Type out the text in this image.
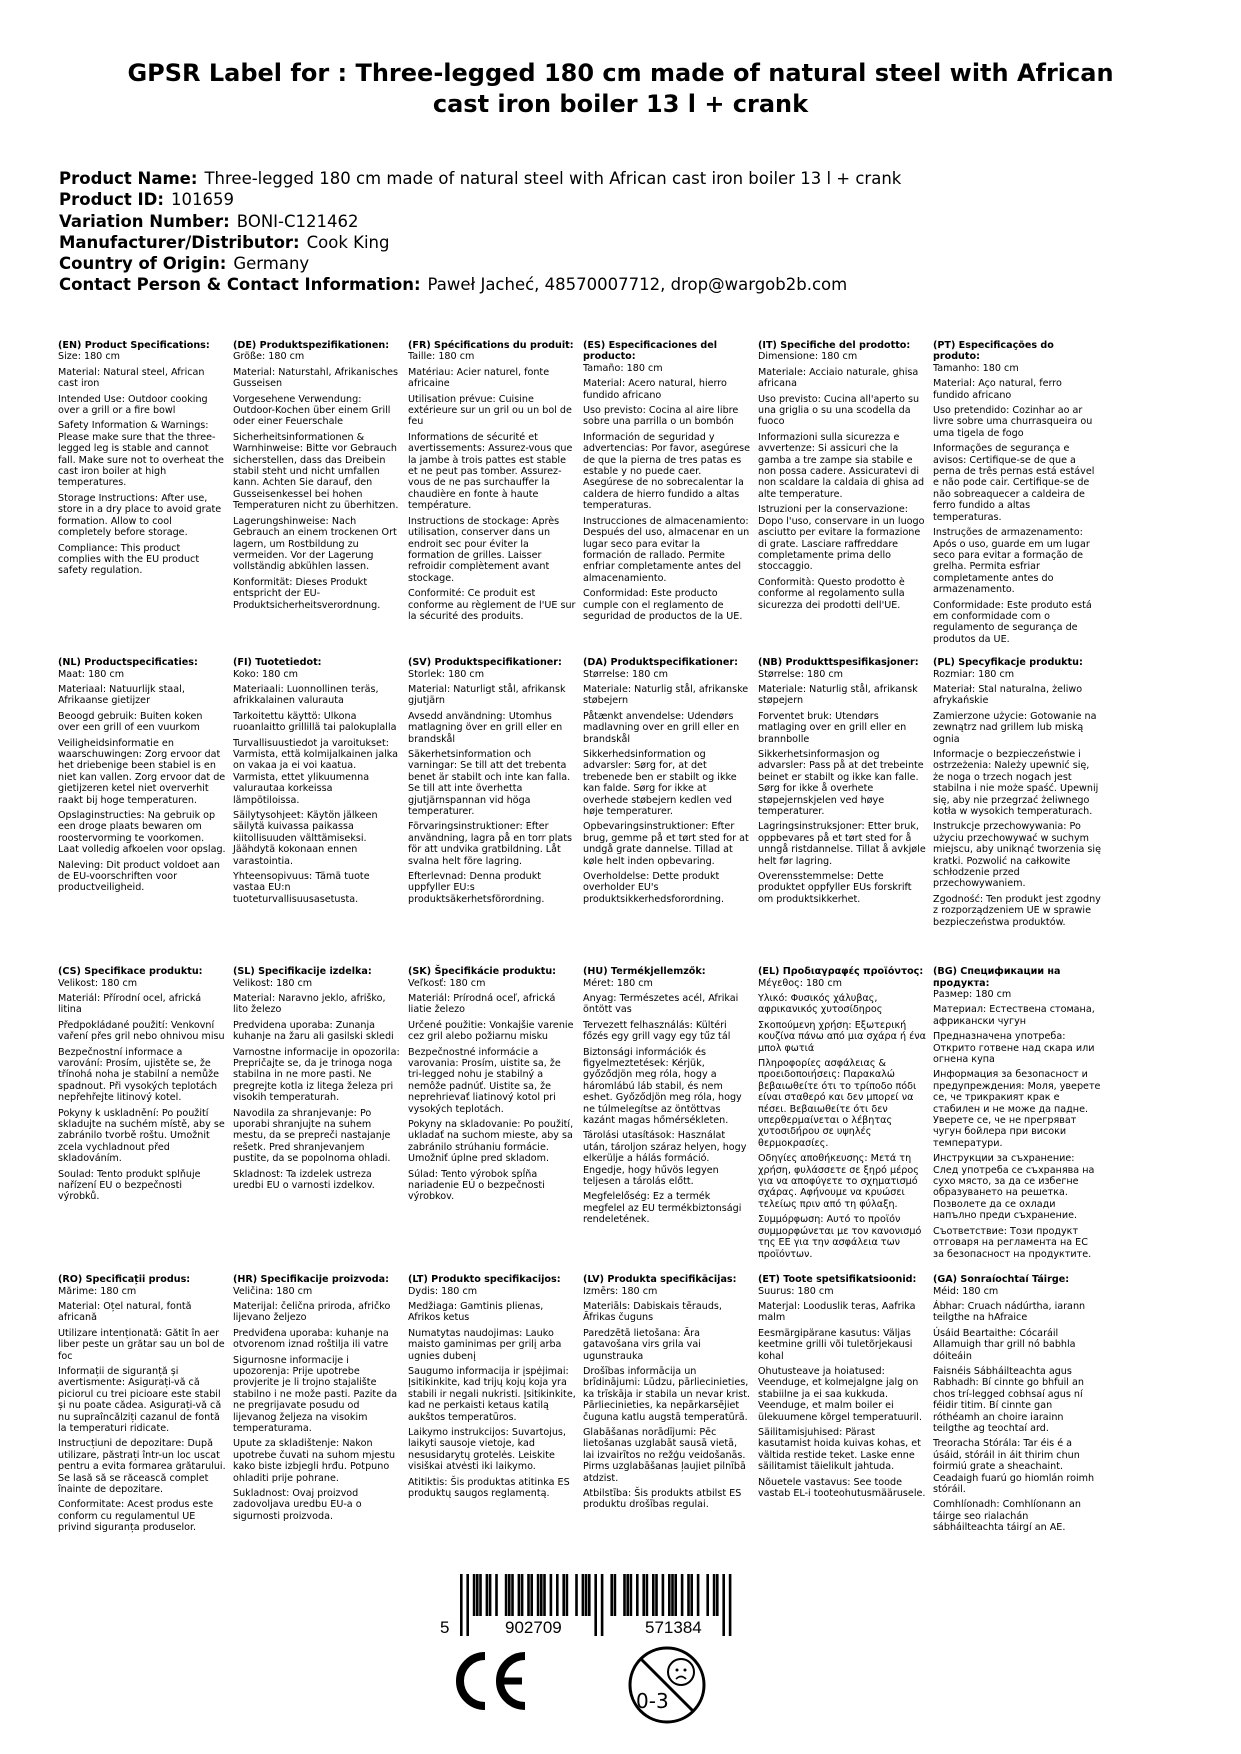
GPSR Label for : Three-legged 180 cm made of natural steel with African cast iron boiler 13 l + crank
Product Name: Three-legged 180 cm made of natural steel with African cast iron boiler 13 l + crank
Product ID: 101659
Variation Number: BONI-C121462
Manufacturer/Distributor: Cook King
Country of Origin: Germany
Contact Person & Contact Information: Paweł Jacheć, 48570007712, drop@wargob2b.com
(EN) Product Specifications:

Size: 180 cm

Material: Natural steel, African cast iron

Intended Use: Outdoor cooking over a grill or a fire bowl

Safety Information & Warnings: Please make sure that the three-legged leg is stable and cannot fall. Make sure not to overheat the cast iron boiler at high temperatures.

Storage Instructions: After use, store in a dry place to avoid grate formation. Allow to cool completely before storage.

Compliance: This product complies with the EU product safety regulation.

(DE) Produktspezifikationen:

Größe: 180 cm

Material: Naturstahl, Afrikanisches Gusseisen

Vorgesehene Verwendung: Outdoor-Kochen über einem Grill oder einer Feuerschale

Sicherheitsinformationen & Warnhinweise: Bitte vor Gebrauch sicherstellen, dass das Dreibein stabil steht und nicht umfallen kann. Achten Sie darauf, den Gusseisenkessel bei hohen Temperaturen nicht zu überhitzen.

Lagerungshinweise: Nach Gebrauch an einem trockenen Ort lagern, um Rostbildung zu vermeiden. Vor der Lagerung vollständig abkühlen lassen.

Konformität: Dieses Produkt entspricht der EU-Produktsicherheitsverordnung.

(FR) Spécifications du produit:

Taille: 180 cm

Matériau: Acier naturel, fonte africaine

Utilisation prévue: Cuisine extérieure sur un gril ou un bol de feu

Informations de sécurité et avertissements: Assurez-vous que la jambe à trois pattes est stable et ne peut pas tomber. Assurez-vous de ne pas surchauffer la chaudière en fonte à haute température.

Instructions de stockage: Après utilisation, conserver dans un endroit sec pour éviter la formation de grilles. Laisser refroidir complètement avant stockage.

Conformité: Ce produit est conforme au règlement de l'UE sur la sécurité des produits.

(ES) Especificaciones del producto:

Tamaño: 180 cm

Material: Acero natural, hierro fundido africano

Uso previsto: Cocina al aire libre sobre una parrilla o un bombón

Información de seguridad y advertencias: Por favor, asegúrese de que la pierna de tres patas es estable y no puede caer. Asegúrese de no sobrecalentar la caldera de hierro fundido a altas temperaturas.

Instrucciones de almacenamiento: Después del uso, almacenar en un lugar seco para evitar la formación de rallado. Permite enfriar completamente antes del almacenamiento.

Conformidad: Este producto cumple con el reglamento de seguridad de productos de la UE.

(IT) Specifiche del prodotto:

Dimensione: 180 cm

Materiale: Acciaio naturale, ghisa africana

Uso previsto: Cucina all'aperto su una griglia o su una scodella da fuoco

Informazioni sulla sicurezza e avvertenze: Si assicuri che la gamba a tre zampe sia stabile e non possa cadere. Assicuratevi di non scaldare la caldaia di ghisa ad alte temperature.

Istruzioni per la conservazione: Dopo l'uso, conservare in un luogo asciutto per evitare la formazione di grate. Lasciare raffreddare completamente prima dello stoccaggio.

Conformità: Questo prodotto è conforme al regolamento sulla sicurezza dei prodotti dell'UE.

(PT) Especificações do produto:

Tamanho: 180 cm

Material: Aço natural, ferro fundido africano

Uso pretendido: Cozinhar ao ar livre sobre uma churrasqueira ou uma tigela de fogo

Informações de segurança e avisos: Certifique-se de que a perna de três pernas está estável e não pode cair. Certifique-se de não sobreaquecer a caldeira de ferro fundido a altas temperaturas.

Instruções de armazenamento: Após o uso, guarde em um lugar seco para evitar a formação de grelha. Permita esfriar completamente antes do armazenamento.

Conformidade: Este produto está em conformidade com o regulamento de segurança de produtos da UE.

(NL) Productspecificaties:

Maat: 180 cm

Materiaal: Natuurlijk staal, Afrikaanse gietijzer

Beoogd gebruik: Buiten koken over een grill of een vuurkom

Veiligheidsinformatie en waarschuwingen: Zorg ervoor dat het driebenige been stabiel is en niet kan vallen. Zorg ervoor dat de gietijzeren ketel niet oververhit raakt bij hoge temperaturen.

Opslaginstructies: Na gebruik op een droge plaats bewaren om roostervorming te voorkomen. Laat volledig afkoelen voor opslag.

Naleving: Dit product voldoet aan de EU-voorschriften voor productveiligheid.

(FI) Tuotetiedot:

Koko: 180 cm

Materiaali: Luonnollinen teräs, afrikkalainen valurauta

Tarkoitettu käyttö: Ulkona ruoanlaitto grillillä tai palokuplalla

Turvallisuustiedot ja varoitukset: Varmista, että kolmijalkainen jalka on vakaa ja ei voi kaatua. Varmista, ettet ylikuumenna valurautaa korkeissa lämpötiloissa.

Säilytysohjeet: Käytön jälkeen säilytä kuivassa paikassa kiitollisuuden välttämiseksi. Jäähdytä kokonaan ennen varastointia.

Yhteensopivuus: Tämä tuote vastaa EU:n tuoteturvallisuusasetusta.

(SV) Produktspecifikationer:

Storlek: 180 cm

Material: Naturligt stål, afrikansk gjutjärn

Avsedd användning: Utomhus matlagning över en grill eller en brandskål

Säkerhetsinformation och varningar: Se till att det trebenta benet är stabilt och inte kan falla. Se till att inte överhetta gjutjärnspannan vid höga temperaturer.

Förvaringsinstruktioner: Efter användning, lagra på en torr plats för att undvika gratbildning. Låt svalna helt före lagring.

Efterlevnad: Denna produkt uppfyller EU:s produktsäkerhetsförordning.

(DA) Produktspecifikationer:

Størrelse: 180 cm

Materiale: Naturlig stål, afrikanske støbejern

Påtænkt anvendelse: Udendørs madlavning over en grill eller en brandskål

Sikkerhedsinformation og advarsler: Sørg for, at det trebenede ben er stabilt og ikke kan falde. Sørg for ikke at overhede støbejern kedlen ved høje temperaturer.

Opbevaringsinstruktioner: Efter brug, gemme på et tørt sted for at undgå grate dannelse. Tillad at køle helt inden opbevaring.

Overholdelse: Dette produkt overholder EU's produktsikkerhedsforordning.

(NB) Produkttspesifikasjoner:

Størrelse: 180 cm

Materiale: Naturlig stål, afrikansk støpejern

Forventet bruk: Utendørs matlaging over en grill eller en brannbolle

Sikkerhetsinformasjon og advarsler: Pass på at det trebeinte beinet er stabilt og ikke kan falle. Sørg for ikke å overhete støpejernskjelen ved høye temperaturer.

Lagringsinstruksjoner: Etter bruk, oppbevares på et tørt sted for å unngå ristdannelse. Tillat å avkjøle helt før lagring.

Overensstemmelse: Dette produktet oppfyller EUs forskrift om produktsikkerhet.

(PL) Specyfikacje produktu:

Rozmiar: 180 cm

Materiał: Stal naturalna, żeliwo afrykańskie

Zamierzone użycie: Gotowanie na zewnątrz nad grillem lub miską ognia

Informacje o bezpieczeństwie i ostrzeżenia: Należy upewnić się, że noga o trzech nogach jest stabilna i nie może spaść. Upewnij się, aby nie przegrzać żeliwnego kotła w wysokich temperaturach.

Instrukcje przechowywania: Po użyciu przechowywać w suchym miejscu, aby uniknąć tworzenia się kratki. Pozwolić na całkowite schłodzenie przed przechowywaniem.

Zgodność: Ten produkt jest zgodny z rozporządzeniem UE w sprawie bezpieczeństwa produktów.

(CS) Specifikace produktu:

Velikost: 180 cm

Materiál: Přírodní ocel, africká litina

Předpokládané použití: Venkovní vaření přes gril nebo ohnivou misu

Bezpečnostní informace a varování: Prosím, ujistěte se, že třínohá noha je stabilní a nemůže spadnout. Při vysokých teplotách nepřehřejte litinový kotel.

Pokyny k uskladnění: Po použití skladujte na suchém místě, aby se zabránilo tvorbě roštu. Umožnit zcela vychladnout před skladováním.

Soulad: Tento produkt splňuje nařízení EU o bezpečnosti výrobků.

(SL) Specifikacije izdelka:

Velikost: 180 cm

Material: Naravno jeklo, afriško, lito železo

Predvidena uporaba: Zunanja kuhanje na žaru ali gasilski skledi

Varnostne informacije in opozorila: Prepričajte se, da je trinoga noga stabilna in ne more pasti. Ne pregrejte kotla iz litega železa pri visokih temperaturah.

Navodila za shranjevanje: Po uporabi shranjujte na suhem mestu, da se prepreči nastajanje rešetk. Pred shranjevanjem pustite, da se popolnoma ohladi.

Skladnost: Ta izdelek ustreza uredbi EU o varnosti izdelkov.

(SK) Špecifikácie produktu:

Veľkosť: 180 cm

Materiál: Prírodná oceľ, africká liatie železo

Určené použitie: Vonkajšie varenie cez gril alebo požiarnu misku

Bezpečnostné informácie a varovania: Prosím, uistite sa, že tri-legged nohu je stabilný a nemôže padnúť. Uistite sa, že neprehrievať liatinový kotol pri vysokých teplotách.

Pokyny na skladovanie: Po použití, ukladať na suchom mieste, aby sa zabránilo strúhaniu formácie. Umožniť úplne pred skladom.

Súlad: Tento výrobok spĺňa nariadenie EÚ o bezpečnosti výrobkov.

(HU) Termékjellemzők:

Méret: 180 cm

Anyag: Természetes acél, Afrikai öntött vas

Tervezett felhasználás: Kültéri főzés egy grill vagy egy tűz tál

Biztonsági információk és figyelmeztetések: Kérjük, győződjön meg róla, hogy a háromlábú láb stabil, és nem eshet. Győződjön meg róla, hogy ne túlmelegítse az öntöttvas kazánt magas hőmérsékleten.

Tárolási utasítások: Használat után, tároljon száraz helyen, hogy elkerülje a hálás formáció. Engedje, hogy hűvös legyen teljesen a tárolás előtt.

Megfelelőség: Ez a termék megfelel az EU termékbiztonsági rendeletének.

(EL) Προδιαγραφές προϊόντος:

Μέγεθος: 180 cm

Υλικό: Φυσικός χάλυβας, αφρικανικός χυτοσίδηρος

Σκοπούμενη χρήση: Εξωτερική κουζίνα πάνω από μια σχάρα ή ένα μπολ φωτιά

Πληροφορίες ασφάλειας & προειδοποιήσεις: Παρακαλώ βεβαιωθείτε ότι το τρίποδο πόδι είναι σταθερό και δεν μπορεί να πέσει. Βεβαιωθείτε ότι δεν υπερθερμαίνεται ο λέβητας χυτοσιδήρου σε υψηλές θερμοκρασίες.

Οδηγίες αποθήκευσης: Μετά τη χρήση, φυλάσσετε σε ξηρό μέρος για να αποφύγετε το σχηματισμό σχάρας. Αφήνουμε να κρυώσει τελείως πριν από τη φύλαξη.

Συμμόρφωση: Αυτό το προϊόν συμμορφώνεται με τον κανονισμό της ΕΕ για την ασφάλεια των προϊόντων.

(BG) Спецификации на продукта:

Размер: 180 cm

Материал: Естествена стомана, африкански чугун

Предназначена употреба: Открито готвене над скара или огнена купа

Информация за безопасност и предупреждения: Моля, уверете се, че трикракият крак е стабилен и не може да падне. Уверете се, че не прегряват чугун бойлера при високи температури.

Инструкции за съхранение: След употреба се съхранява на сухо място, за да се избегне образуването на решетка. Позволете да се охлади напълно преди съхранение.

Съответствие: Този продукт отговаря на регламента на ЕС за безопасност на продуктите.

(RO) Specificații produs:

Mărime: 180 cm

Material: Oțel natural, fontă africană

Utilizare intenționată: Gătit în aer liber peste un grătar sau un bol de foc

Informații de siguranță și avertismente: Asigurați-vă că piciorul cu trei picioare este stabil și nu poate cădea. Asigurați-vă că nu supraîncălziți cazanul de fontă la temperaturi ridicate.

Instrucțiuni de depozitare: După utilizare, păstrați într-un loc uscat pentru a evita formarea grătarului. Se lasă să se răcească complet înainte de depozitare.

Conformitate: Acest produs este conform cu regulamentul UE privind siguranța produselor.

(HR) Specifikacije proizvoda:

Veličina: 180 cm

Materijal: čelična priroda, afričko lijevano željezo

Predviđena uporaba: kuhanje na otvorenom iznad roštilja ili vatre

Sigurnosne informacije i upozorenja: Prije upotrebe provjerite je li trojno stajalište stabilno i ne može pasti. Pazite da ne pregrijavate posudu od lijevanog željeza na visokim temperaturama.

Upute za skladištenje: Nakon upotrebe čuvati na suhom mjestu kako biste izbjegli hrđu. Potpuno ohladiti prije pohrane.

Sukladnost: Ovaj proizvod zadovoljava uredbu EU-a o sigurnosti proizvoda.

(LT) Produkto specifikacijos:

Dydis: 180 cm

Medžiaga: Gamtinis plienas, Afrikos ketus

Numatytas naudojimas: Lauko maisto gaminimas per grilį arba ugnies dubenį

Saugumo informacija ir įspėjimai: Įsitikinkite, kad trijų kojų koja yra stabili ir negali nukristi. Įsitikinkite, kad ne perkaisti ketaus katilą aukštos temperatūros.

Laikymo instrukcijos: Suvartojus, laikyti sausoje vietoje, kad nesusidarytų grotelės. Leiskite visiškai atvėsti iki laikymo.

Atitiktis: Šis produktas atitinka ES produktų saugos reglamentą.

(LV) Produkta specifikācijas:

Izmērs: 180 cm

Materiāls: Dabiskais tērauds, Āfrikas čuguns

Paredzētā lietošana: Āra gatavošana virs grila vai ugunstrauka

Drošības informācija un brīdinājumi: Lūdzu, pārliecinieties, ka trīskāja ir stabila un nevar krist. Pārliecinieties, ka nepārkarsējiet čuguna katlu augstā temperatūrā.

Glabāšanas norādījumi: Pēc lietošanas uzglabāt sausā vietā, lai izvairītos no režģu veidošanās. Pirms uzglabāšanas ļaujiet pilnībā atdzist.

Atbilstība: Šis produkts atbilst ES produktu drošības regulai.

(ET) Toote spetsifikatsioonid:

Suurus: 180 cm

Materjal: Looduslik teras, Aafrika malm

Eesmärgipärane kasutus: Väljas keetmine grilli või tuletõrjekausi kohal

Ohutusteave ja hoiatused: Veenduge, et kolmejalgne jalg on stabiilne ja ei saa kukkuda. Veenduge, et malm boiler ei ülekuumene kõrgel temperatuuril.

Säilitamisjuhised: Pärast kasutamist hoida kuivas kohas, et vältida restide teket. Laske enne säilitamist täielikult jahtuda.

Nõuetele vastavus: See toode vastab EL-i tooteohutusmäärusele.

(GA) Sonraíochtaí Táirge:

Méid: 180 cm

Ábhar: Cruach nádúrtha, iarann teilgthe na hAfraice

Úsáid Beartaithe: Cócaráil Allamuigh thar grill nó babhla dóiteáin

Faisnéis Sábháilteachta agus Rabhadh: Bí cinnte go bhfuil an chos trí-legged cobhsaí agus ní féidir titim. Bí cinnte gan róthéamh an choire iarainn teilgthe ag teochtaí ard.

Treoracha Stórála: Tar éis é a úsáid, stóráil in áit thirim chun foirmiú grate a sheachaint. Ceadaigh fuarú go hiomlán roimh stóráil.

Comhlíonadh: Comhlíonann an táirge seo rialachán sábháilteachta táirgí an AE.

5	902709	571384
0-3
